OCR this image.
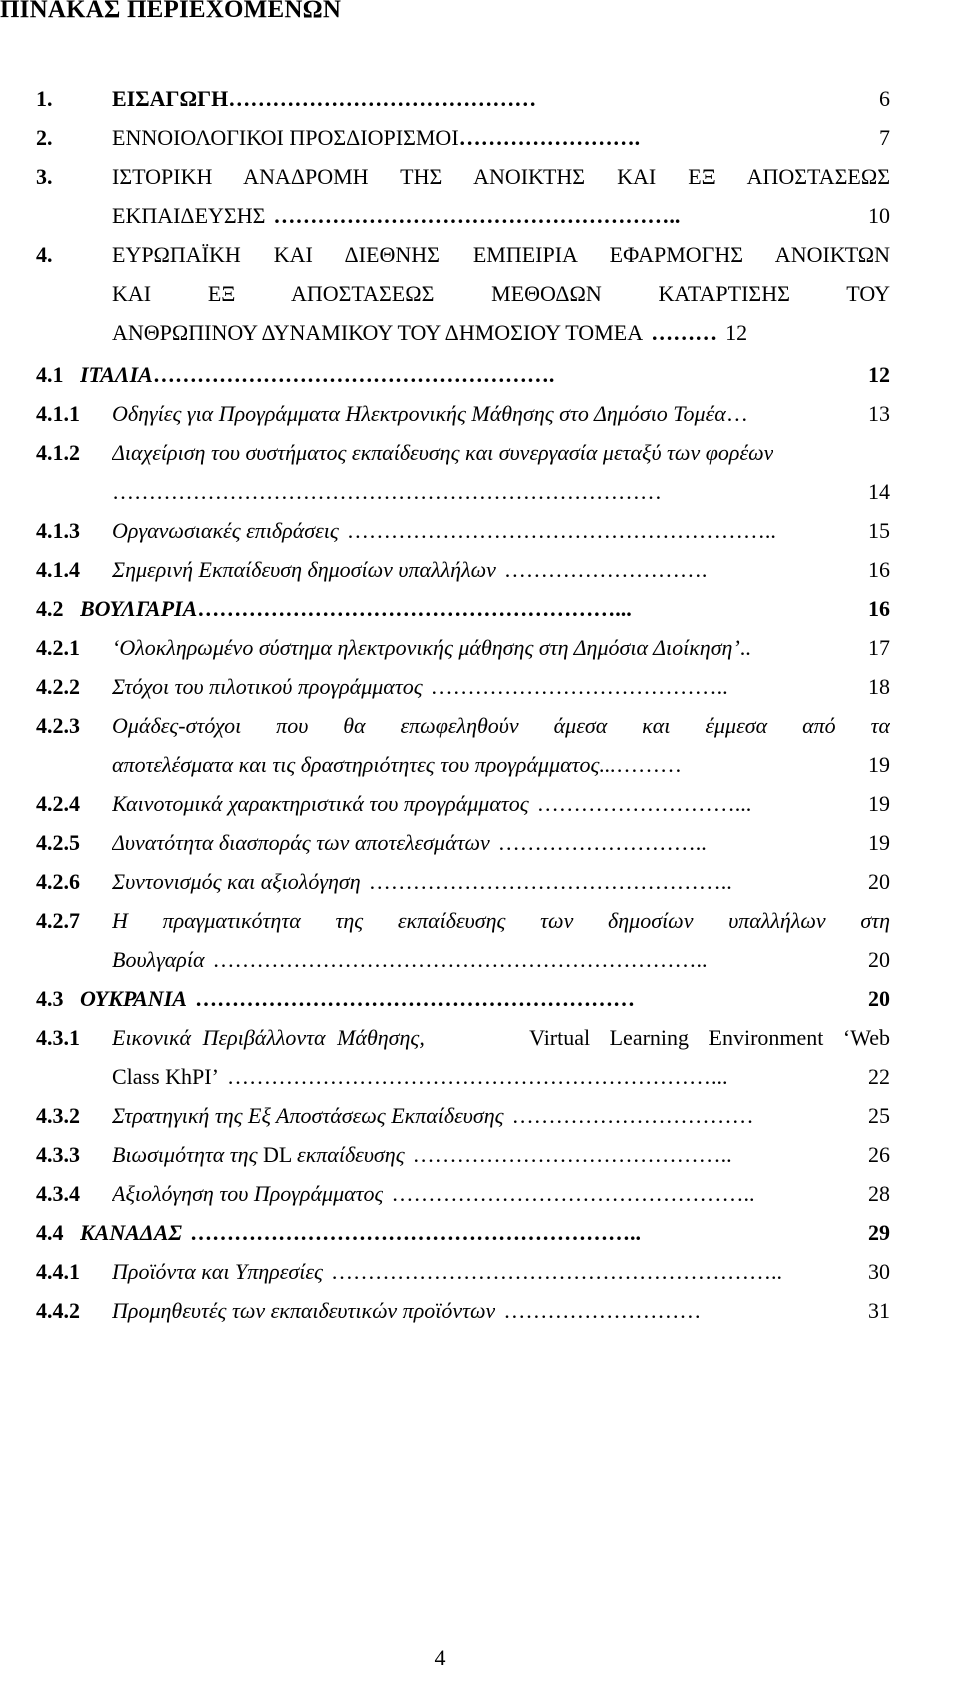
ΠΙΝΑΚΑΣ ΠΕΡΙΕΧΟΜΕΝΩΝ
1.	ΕΙΣΑΓΩΓΗ ……………………………………	6
2.	ΕΝΝΟΙΟΛΟΓΙΚΟΙ ΠΡΟΣΔΙΟΡΙΣΜΟΙ …………………….	7
3.	ΙΣΤΟΡΙΚΗ ΑΝΑΔΡΟΜΗ ΤΗΣ ΑΝΟΙΚΤΗΣ ΚΑΙ ΕΞ ΑΠΟΣΤΑΣΕΩΣ
ΕΚΠΑΙΔΕΥΣΗΣ ………………………………………………..	10
4.	ΕΥΡΩΠΑΪΚΗ ΚΑΙ ΔΙΕΘΝΗΣ ΕΜΠΕΙΡΙΑ ΕΦΑΡΜΟΓΗΣ ΑΝΟΙΚΤΩΝ
ΚΑΙ ΕΞ ΑΠΟΣΤΑΣΕΩΣ ΜΕΘΟΔΩΝ ΚΑΤΑΡΤΙΣΗΣ ΤΟΥ
ΑΝΘΡΩΠΙΝΟΥ ΔΥΝΑΜΙΚΟΥ ΤΟΥ ΔΗΜΟΣΙΟΥ ΤΟΜΕΑ ……… 12
4.1 ΙΤΑΛΙΑ ……………………………………………….	12
4.1.1	Οδηγίες για Προγράμματα Ηλεκτρονικής Μάθησης στο Δημόσιο Τομέα …	13
4.1.2	Διαχείριση του συστήματος εκπαίδευσης και συνεργασία μεταξύ των φορέων
…………………………………………………………………	14
4.1.3	Οργανωσιακές επιδράσεις …………………………………………………..	15
4.1.4	Σημερινή Εκπαίδευση δημοσίων υπαλλήλων ……………………….	16
4.2 ΒΟΥΛΓΑΡΙΑ …………………………………………………...	16
4.2.1	‘Ολοκληρωμένο σύστημα ηλεκτρονικής μάθησης στη Δημόσια Διοίκηση’ ..	17
4.2.2	Στόχοι του πιλοτικού προγράμματος …………………………………..	18
4.2.3	Ομάδες-στόχοι που θα επωφεληθούν άμεσα και έμμεσα από τα
αποτελέσματα και τις δραστηριότητες του προγράμματος... ………	19
4.2.4	Καινοτομικά χαρακτηριστικά του προγράμματος ………………………...	19
4.2.5	Δυνατότητα διασποράς των αποτελεσμάτων ………………………..	19
4.2.6	Συντονισμός και αξιολόγηση …………………………………………..	20
4.2.7	Η πραγματικότητα της εκπαίδευσης των δημοσίων υπαλλήλων στη
Βουλγαρία …………………………………………………………..	20
4.3 ΟΥΚΡΑΝΙΑ ……………………………………………………	20
4.3.1	Εικονικά Περιβάλλοντα Μάθησης,	Virtual Learning Environment ‘Web
Class KhPI’ …………………………………………………………...	22
4.3.2	Στρατηγική της Εξ Αποστάσεως Εκπαίδευσης ……………………………	25
4.3.3	Βιωσιμότητα της DL εκπαίδευσης ……………………………………..	26
4.3.4	Αξιολόγηση του Προγράμματος …………………………………………..	28
4.4 ΚΑΝΑΔΑΣ ……………………………………………………..	29
4.4.1	Προϊόντα και Υπηρεσίες ……………………………………………………..	30
4.4.2	Προμηθευτές των εκπαιδευτικών προϊόντων ………………………	31
4
